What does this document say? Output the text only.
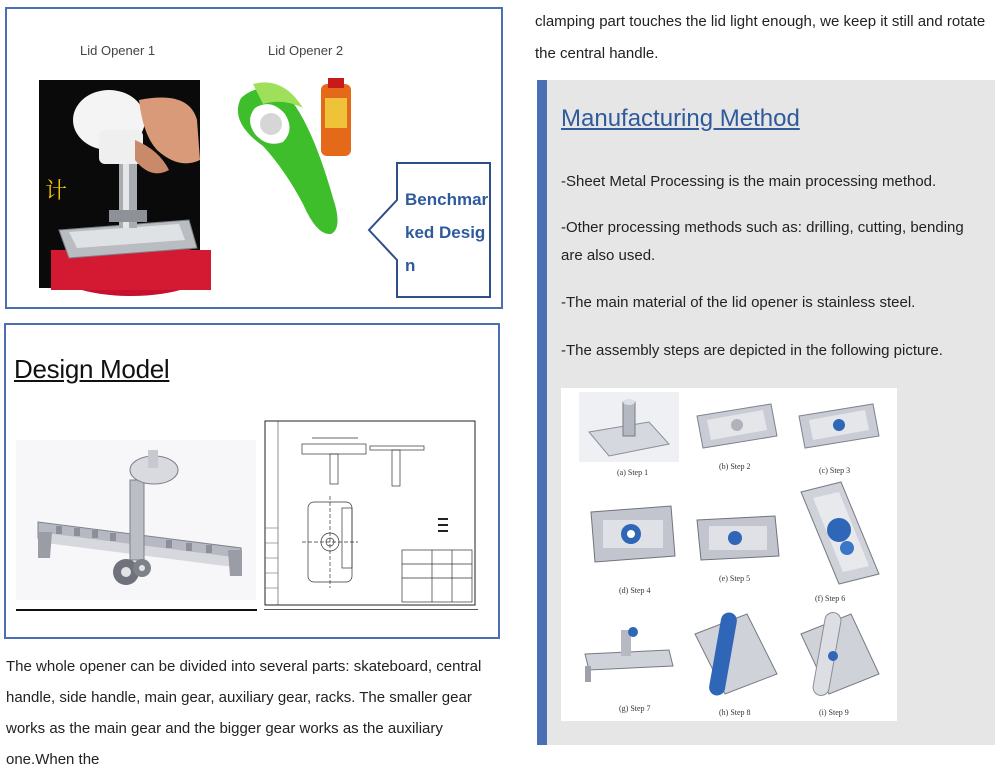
Lid Opener 1	Lid Opener 2
计	Benchmarked Design
Design Model
The whole opener can be divided into several parts: skateboard, central handle, side handle, main gear, auxiliary gear, racks. The smaller gear works as the main gear and the bigger gear works as the auxiliary one.When the
clamping part touches the lid light enough, we keep it still and rotate the central handle.
Manufacturing Method
-Sheet Metal Processing is the main processing method.
-Other processing methods such as: drilling, cutting, bending are also used.
-The main material of the lid opener is stainless steel.
-The assembly steps are depicted in the following picture.
(a) Step 1
(b) Step 2	(c) Step 3
(d) Step 4
(e) Step 5
(f) Step 6
(g) Step 7	(h) Step 8	(i) Step 9
